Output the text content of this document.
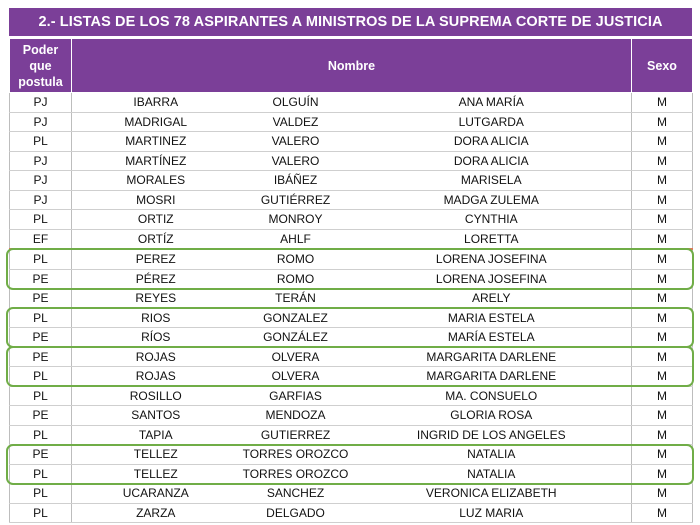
2.- LISTAS DE LOS 78 ASPIRANTES A MINISTROS DE LA SUPREMA CORTE DE JUSTICIA
Poder que postula	Nombre			Sexo
PJ	IBARRA	OLGUÍN	ANA MARÍA	M
PJ	MADRIGAL	VALDEZ	LUTGARDA	M
PL	MARTINEZ	VALERO	DORA ALICIA	M
PJ	MARTÍNEZ	VALERO	DORA ALICIA	M
PJ	MORALES	IBÁÑEZ	MARISELA	M
PJ	MOSRI	GUTIÉRREZ	MADGA ZULEMA	M
PL	ORTIZ	MONROY	CYNTHIA	M
EF	ORTÍZ	AHLF	LORETTA	M
PL	PEREZ	ROMO	LORENA JOSEFINA	M
PE	PÉREZ	ROMO	LORENA JOSEFINA	M
PE	REYES	TERÁN	ARELY	M
PL	RIOS	GONZALEZ	MARIA ESTELA	M
PE	RÍOS	GONZÁLEZ	MARÍA ESTELA	M
PE	ROJAS	OLVERA	MARGARITA DARLENE	M
PL	ROJAS	OLVERA	MARGARITA DARLENE	M
PL	ROSILLO	GARFIAS	MA. CONSUELO	M
PE	SANTOS	MENDOZA	GLORIA ROSA	M
PL	TAPIA	GUTIERREZ	INGRID DE LOS ANGELES	M
PE	TELLEZ	TORRES OROZCO	NATALIA	M
PL	TELLEZ	TORRES OROZCO	NATALIA	M
PL	UCARANZA	SANCHEZ	VERONICA ELIZABETH	M
PL	ZARZA	DELGADO	LUZ MARIA	M
